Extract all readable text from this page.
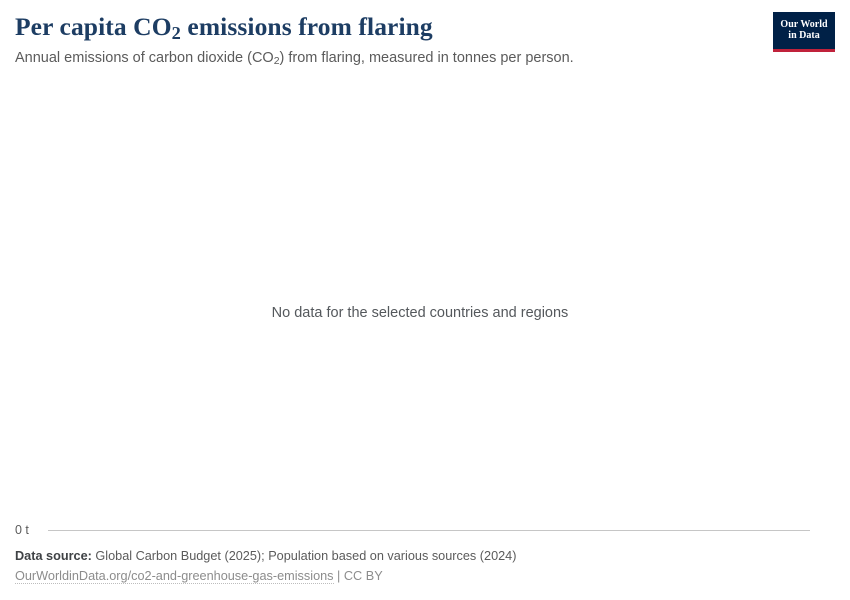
Per capita $CO_2$ emissions from flaring

Annual emissions of carbon dioxide $(CO_2)$ from flaring, measured in tonnes per person.

Our World
in Data
No data for the selected countries and regions
0 t

Data source: Global Carbon Budget (2025); Population based on various sources (2024)

OurWorldinData.org/co2-and-greenhouse-gas-emissions | CC BY
